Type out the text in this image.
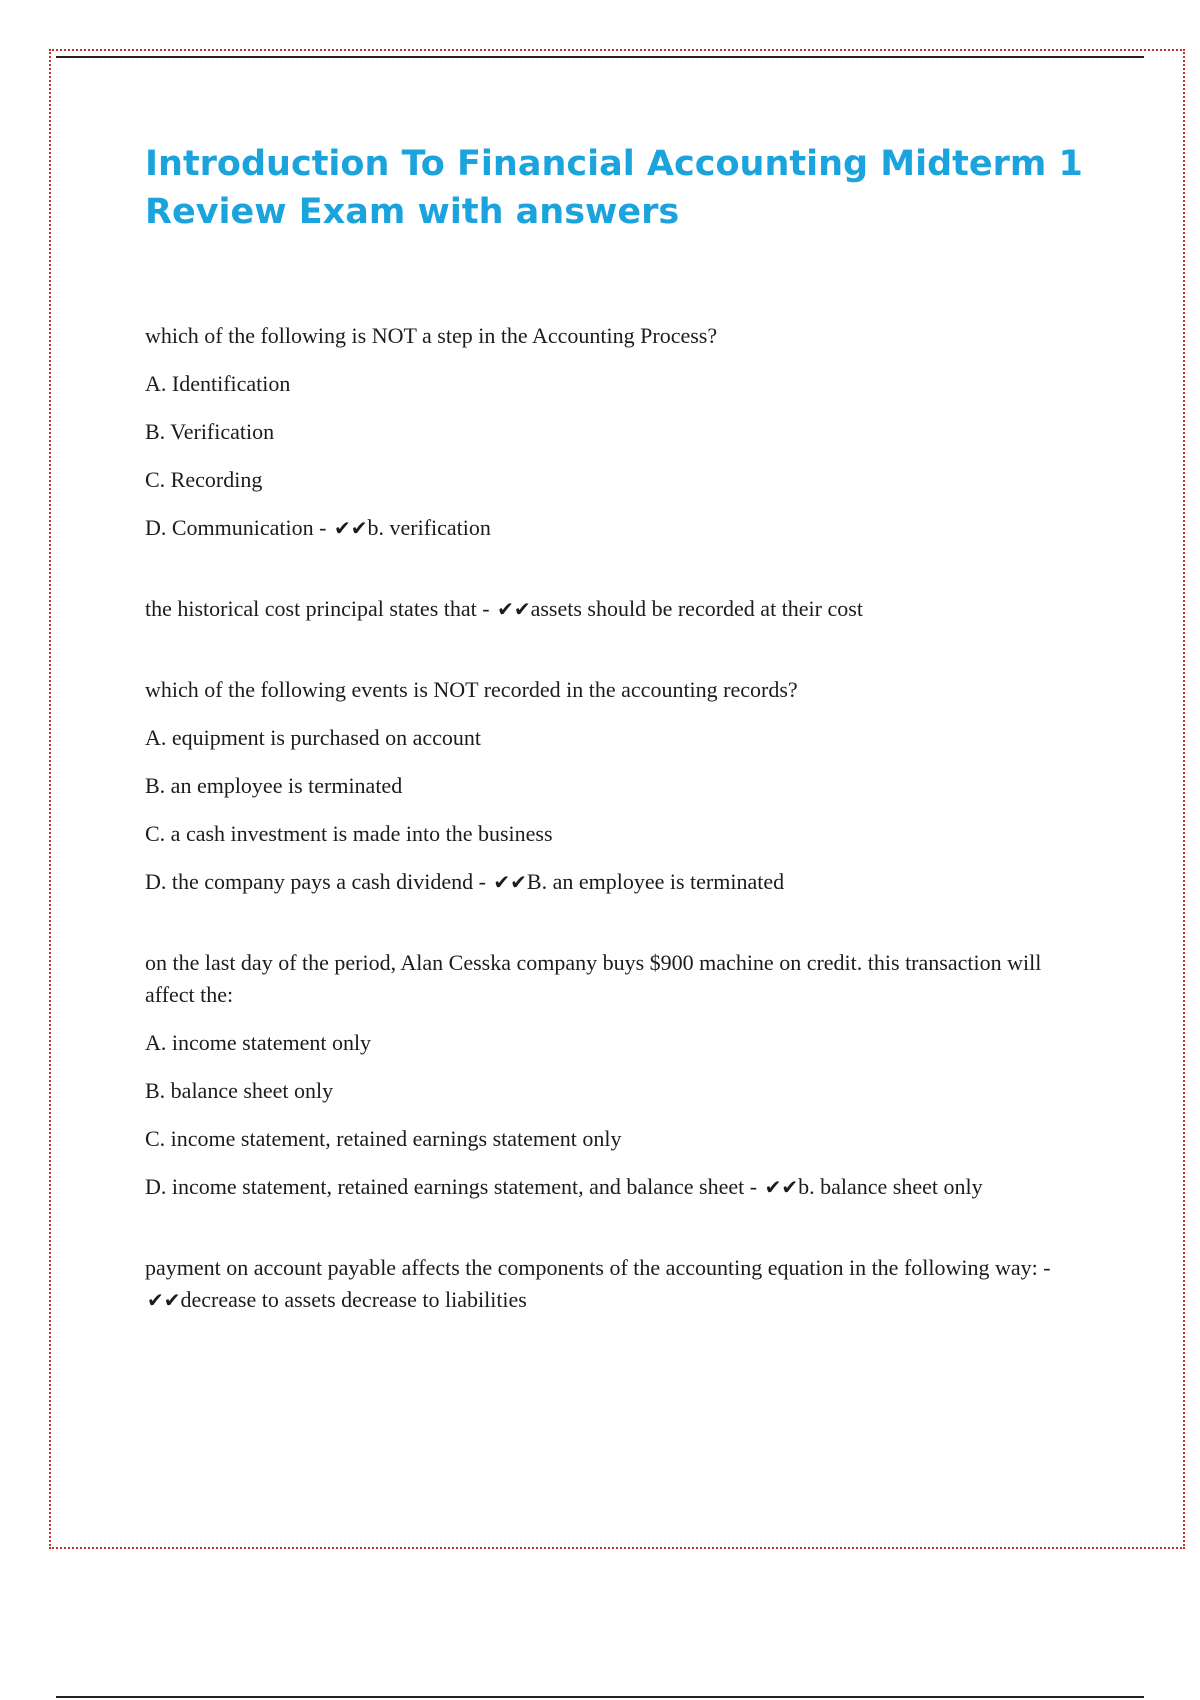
Introduction To Financial Accounting Midterm 1 Review Exam with answers

which of the following is NOT a step in the Accounting Process?

A. Identification

B. Verification

C. Recording

D. Communication - ✔✔b. verification

the historical cost principal states that - ✔✔assets should be recorded at their cost

which of the following events is NOT recorded in the accounting records?

A. equipment is purchased on account

B. an employee is terminated

C. a cash investment is made into the business

D. the company pays a cash dividend - ✔✔B. an employee is terminated

on the last day of the period, Alan Cesska company buys $900 machine on credit. this transaction will affect the:

A. income statement only

B. balance sheet only

C. income statement, retained earnings statement only

D. income statement, retained earnings statement, and balance sheet - ✔✔b. balance sheet only

payment on account payable affects the components of the accounting equation in the following way: - ✔✔decrease to assets decrease to liabilities
